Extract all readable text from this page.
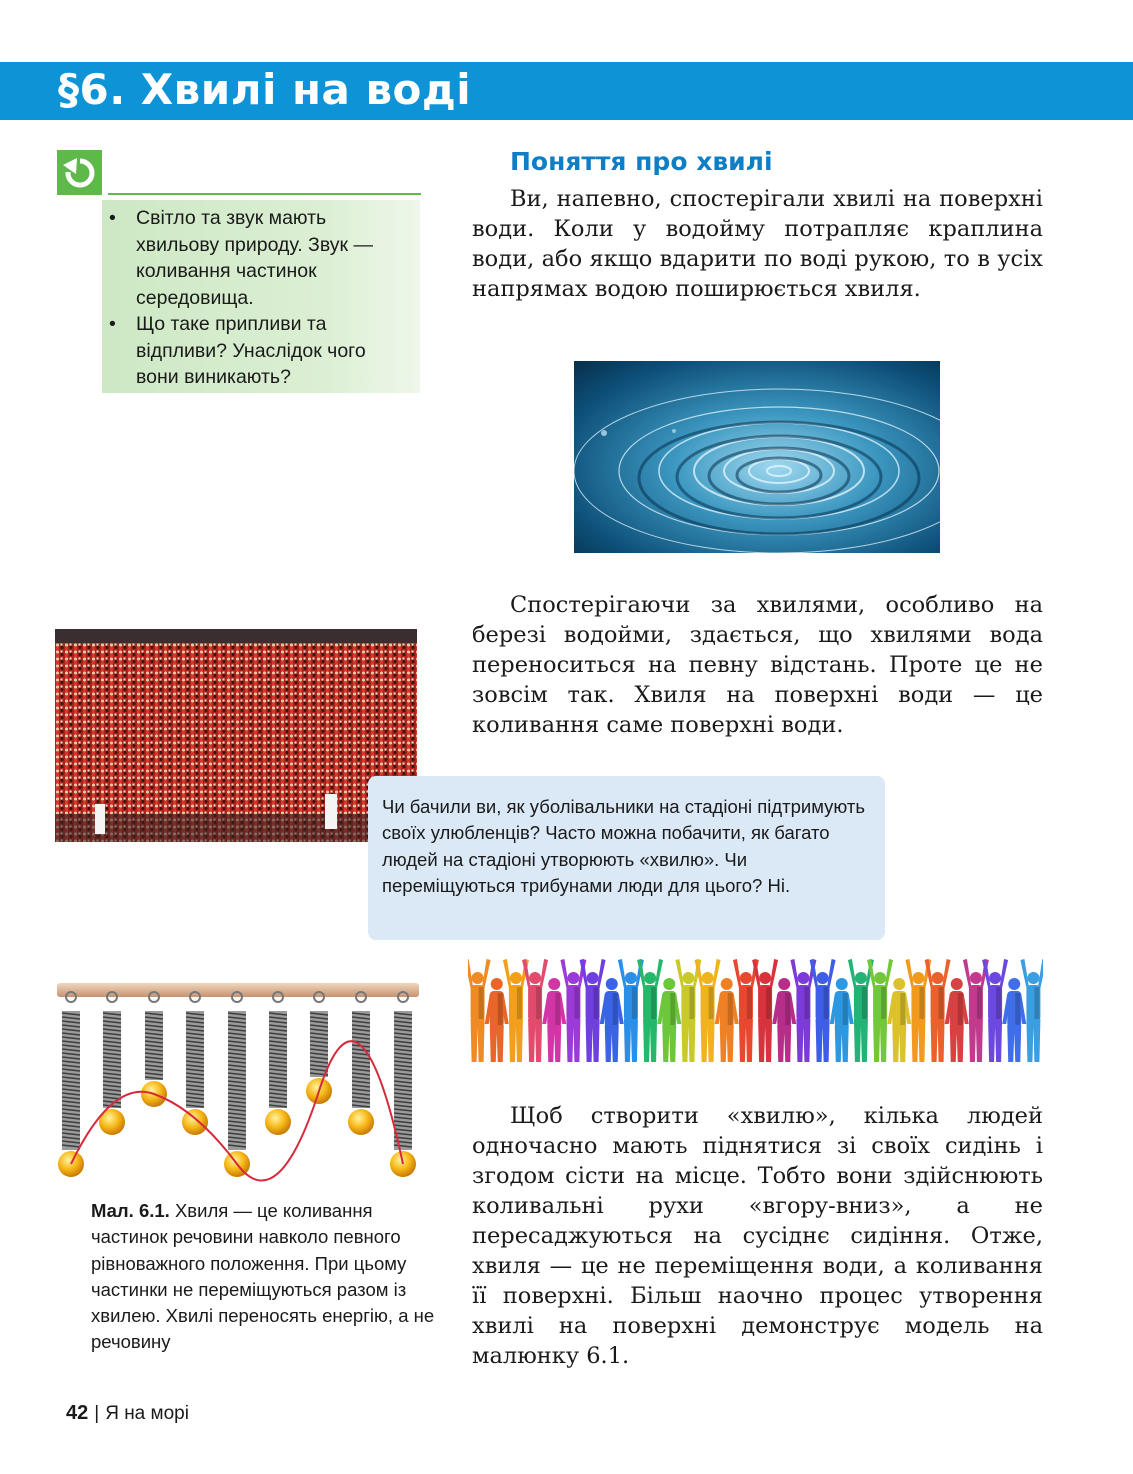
§6. Хвилі на воді
• Світло та звук мають хвильову природу. Звук — коливання частинок середовища.
• Що таке припливи та відпливи? Унаслідок чого вони виникають?
Поняття про хвилі

Ви, напевно, спостерігали хвилі на поверхні води. Коли у водойму потрапляє краплина води, або якщо вдарити по воді рукою, то в усіх напрямах водою поширюється хвиля.

Спостерігаючи за хвилями, особливо на березі водойми, здається, що хвилями вода переноситься на певну відстань. Проте це не зовсім так. Хвиля на поверхні води — це коливання саме поверхні води.

Чи бачили ви, як уболівальники на стадіоні підтримують своїх улюбленців? Часто можна побачити, як багато людей на стадіоні утворюють «хвилю». Чи переміщуються трибунами люди для цього? Ні.
Мал. 6.1. Хвиля — це коливання частинок речовини навколо певного рівноважного положення. При цьому частинки не переміщуються разом із хвилею. Хвилі переносять енергію, а не речовину

Щоб створити «хвилю», кілька людей одночасно мають піднятися зі своїх сидінь і згодом сісти на місце. Тобто вони здійснюють коливальні рухи «вгору-вниз», а не пересаджуються на сусіднє сидіння. Отже, хвиля — це не переміщення води, а коливання її поверхні. Більш наочно процес утворення хвилі на поверхні демонструє модель на малюнку 6.1.

42 | Я на морі
